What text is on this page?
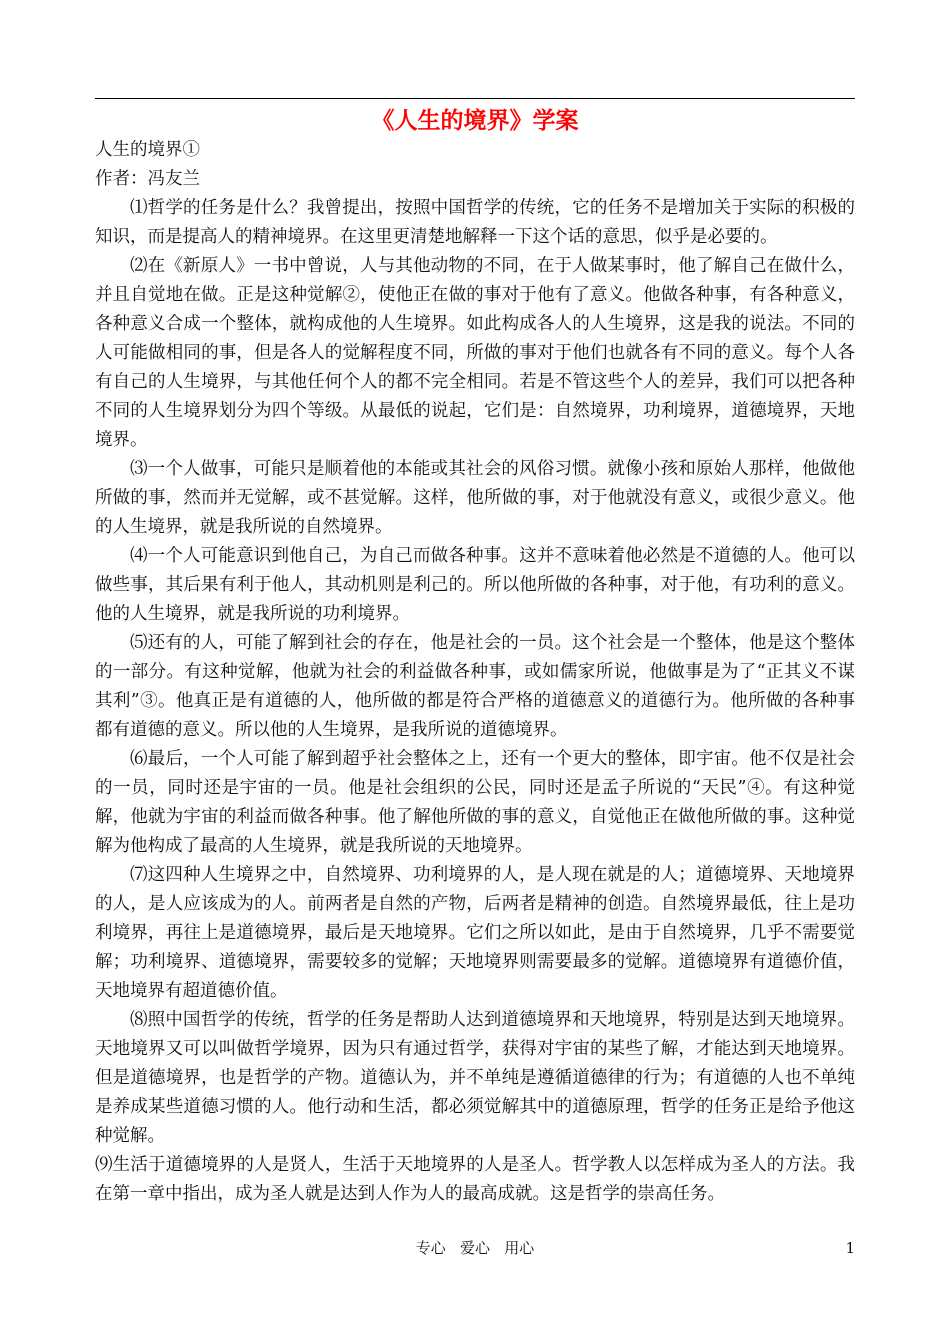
《人生的境界》学案

人生的境界①

作者：冯友兰

⑴哲学的任务是什么？我曾提出，按照中国哲学的传统，它的任务不是增加关于实际的积极的知识，而是提高人的精神境界。在这里更清楚地解释一下这个话的意思，似乎是必要的。

⑵在《新原人》一书中曾说，人与其他动物的不同，在于人做某事时，他了解自己在做什么，并且自觉地在做。正是这种觉解②，使他正在做的事对于他有了意义。他做各种事，有各种意义，各种意义合成一个整体，就构成他的人生境界。如此构成各人的人生境界，这是我的说法。不同的人可能做相同的事，但是各人的觉解程度不同，所做的事对于他们也就各有不同的意义。每个人各有自己的人生境界，与其他任何个人的都不完全相同。若是不管这些个人的差异，我们可以把各种不同的人生境界划分为四个等级。从最低的说起，它们是：自然境界，功利境界，道德境界，天地境界。

⑶一个人做事，可能只是顺着他的本能或其社会的风俗习惯。就像小孩和原始人那样，他做他所做的事，然而并无觉解，或不甚觉解。这样，他所做的事，对于他就没有意义，或很少意义。他的人生境界，就是我所说的自然境界。

⑷一个人可能意识到他自己，为自己而做各种事。这并不意味着他必然是不道德的人。他可以做些事，其后果有利于他人，其动机则是利己的。所以他所做的各种事，对于他，有功利的意义。他的人生境界，就是我所说的功利境界。

⑸还有的人，可能了解到社会的存在，他是社会的一员。这个社会是一个整体，他是这个整体的一部分。有这种觉解，他就为社会的利益做各种事，或如儒家所说，他做事是为了“正其义不谋其利”③。他真正是有道德的人，他所做的都是符合严格的道德意义的道德行为。他所做的各种事都有道德的意义。所以他的人生境界，是我所说的道德境界。

⑹最后，一个人可能了解到超乎社会整体之上，还有一个更大的整体，即宇宙。他不仅是社会的一员，同时还是宇宙的一员。他是社会组织的公民，同时还是孟子所说的“天民”④。有这种觉解，他就为宇宙的利益而做各种事。他了解他所做的事的意义，自觉他正在做他所做的事。这种觉解为他构成了最高的人生境界，就是我所说的天地境界。

⑺这四种人生境界之中，自然境界、功利境界的人，是人现在就是的人；道德境界、天地境界的人，是人应该成为的人。前两者是自然的产物，后两者是精神的创造。自然境界最低，往上是功利境界，再往上是道德境界，最后是天地境界。它们之所以如此，是由于自然境界，几乎不需要觉解；功利境界、道德境界，需要较多的觉解；天地境界则需要最多的觉解。道德境界有道德价值，天地境界有超道德价值。

⑻照中国哲学的传统，哲学的任务是帮助人达到道德境界和天地境界，特别是达到天地境界。天地境界又可以叫做哲学境界，因为只有通过哲学，获得对宇宙的某些了解，才能达到天地境界。但是道德境界，也是哲学的产物。道德认为，并不单纯是遵循道德律的行为；有道德的人也不单纯是养成某些道德习惯的人。他行动和生活，都必须觉解其中的道德原理，哲学的任务正是给予他这种觉解。

⑼生活于道德境界的人是贤人，生活于天地境界的人是圣人。哲学教人以怎样成为圣人的方法。我在第一章中指出，成为圣人就是达到人作为人的最高成就。这是哲学的崇高任务。

专心   爱心   用心	1
